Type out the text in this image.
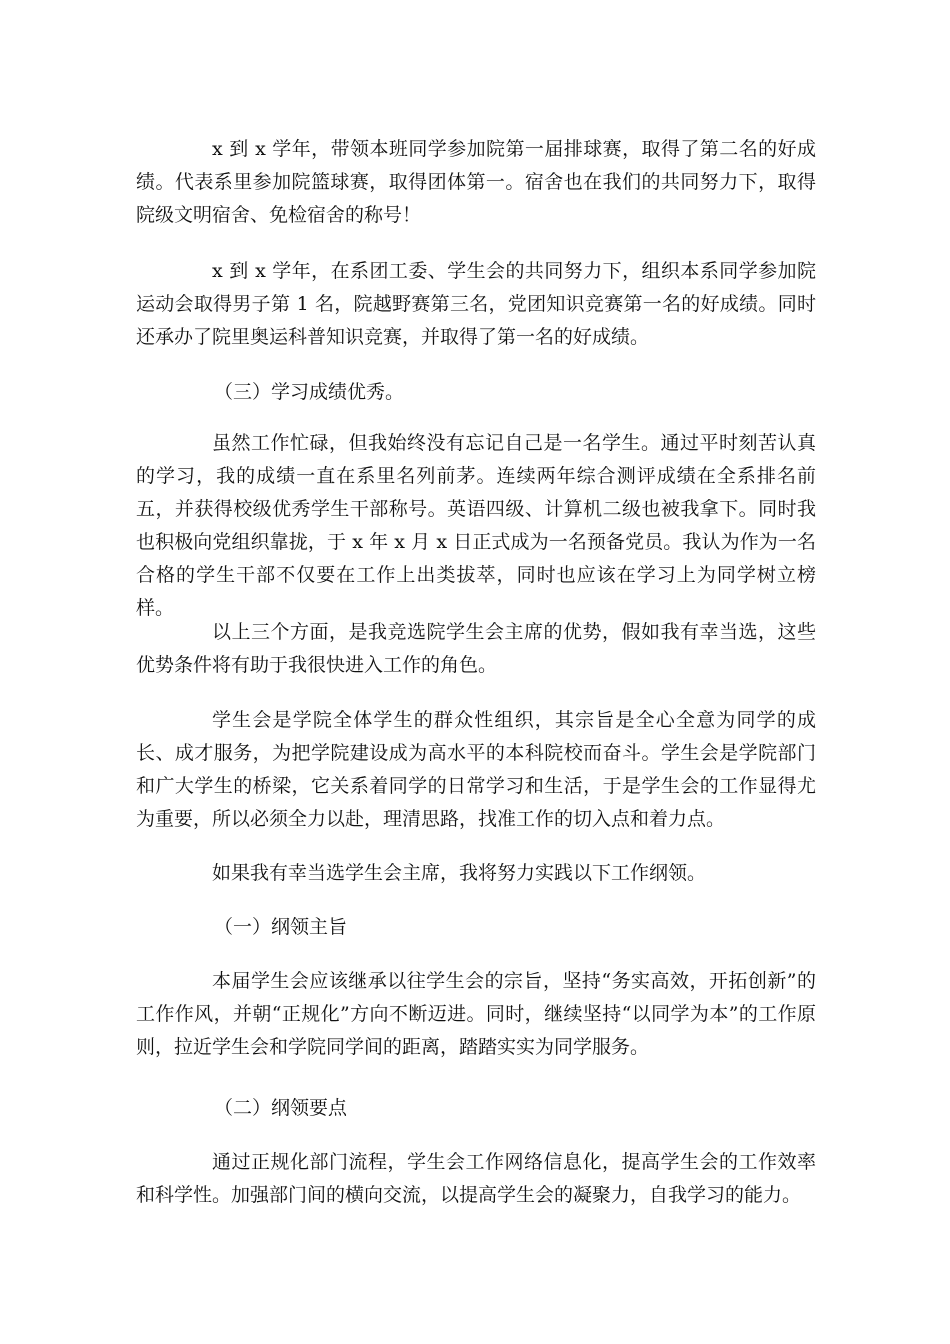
x 到 x 学年，带领本班同学参加院第一届排球赛，取得了第二名的好成绩。代表系里参加院篮球赛，取得团体第一。宿舍也在我们的共同努力下，取得院级文明宿舍、免检宿舍的称号！

x 到 x 学年，在系团工委、学生会的共同努力下，组织本系同学参加院运动会取得男子第 1 名，院越野赛第三名，党团知识竞赛第一名的好成绩。同时还承办了院里奥运科普知识竞赛，并取得了第一名的好成绩。

（三）学习成绩优秀。

虽然工作忙碌，但我始终没有忘记自己是一名学生。通过平时刻苦认真的学习，我的成绩一直在系里名列前茅。连续两年综合测评成绩在全系排名前五，并获得校级优秀学生干部称号。英语四级、计算机二级也被我拿下。同时我也积极向党组织靠拢，于 x 年 x 月 x 日正式成为一名预备党员。我认为作为一名合格的学生干部不仅要在工作上出类拔萃，同时也应该在学习上为同学树立榜样。

以上三个方面，是我竞选院学生会主席的优势，假如我有幸当选，这些优势条件将有助于我很快进入工作的角色。

学生会是学院全体学生的群众性组织，其宗旨是全心全意为同学的成长、成才服务，为把学院建设成为高水平的本科院校而奋斗。学生会是学院部门和广大学生的桥梁，它关系着同学的日常学习和生活，于是学生会的工作显得尤为重要，所以必须全力以赴，理清思路，找准工作的切入点和着力点。

如果我有幸当选学生会主席，我将努力实践以下工作纲领。

（一）纲领主旨

本届学生会应该继承以往学生会的宗旨，坚持“务实高效，开拓创新”的工作作风，并朝“正规化”方向不断迈进。同时，继续坚持“以同学为本”的工作原则，拉近学生会和学院同学间的距离，踏踏实实为同学服务。

（二）纲领要点

通过正规化部门流程，学生会工作网络信息化，提高学生会的工作效率和科学性。加强部门间的横向交流，以提高学生会的凝聚力，自我学习的能力。
